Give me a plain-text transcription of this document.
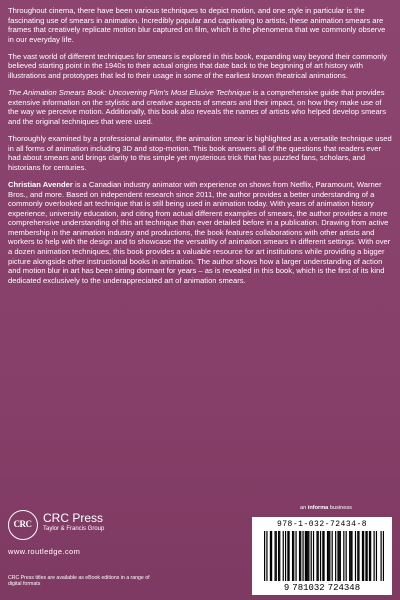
Throughout cinema, there have been various techniques to depict motion, and one style in particular is the fascinating use of smears in animation. Incredibly popular and captivating to artists, these animation smears are frames that creatively replicate motion blur captured on film, which is the phenomena that we commonly observe in our everyday life.

The vast world of different techniques for smears is explored in this book, expanding way beyond their commonly believed starting point in the 1940s to their actual origins that date back to the beginning of art history with illustrations and prototypes that led to their usage in some of the earliest known theatrical animations.

The Animation Smears Book: Uncovering Film's Most Elusive Technique is a comprehensive guide that provides extensive information on the stylistic and creative aspects of smears and their impact, on how they make use of the way we perceive motion. Additionally, this book also reveals the names of artists who helped develop smears and the original techniques that were used.

Thoroughly examined by a professional animator, the animation smear is highlighted as a versatile technique used in all forms of animation including 3D and stop-motion. This book answers all of the questions that readers ever had about smears and brings clarity to this simple yet mysterious trick that has puzzled fans, scholars, and historians for centuries.

Christian Avender is a Canadian industry animator with experience on shows from Netflix, Paramount, Warner Bros., and more. Based on independent research since 2011, the author provides a better understanding of a commonly overlooked art technique that is still being used in animation today. With years of animation history experience, university education, and citing from actual different examples of smears, the author provides a more comprehensive understanding of this art technique than ever detailed before in a publication. Drawing from active membership in the animation industry and productions, the book features collaborations with other artists and workers to help with the design and to showcase the versatility of animation smears in different settings. With over a dozen animation techniques, this book provides a valuable resource for art institutions while providing a bigger picture alongside other instructional books in animation. The author shows how a larger understanding of action and motion blur in art has been sitting dormant for years – as is revealed in this book, which is the first of its kind dedicated exclusively to the underappreciated art of animation smears.

an informa business
CRC CRC Press
Taylor & Francis Group
www.routledge.com
CRC Press titles are available as eBook editions in a range of digital formats
978-1-032-72434-8
9 781032 724348
